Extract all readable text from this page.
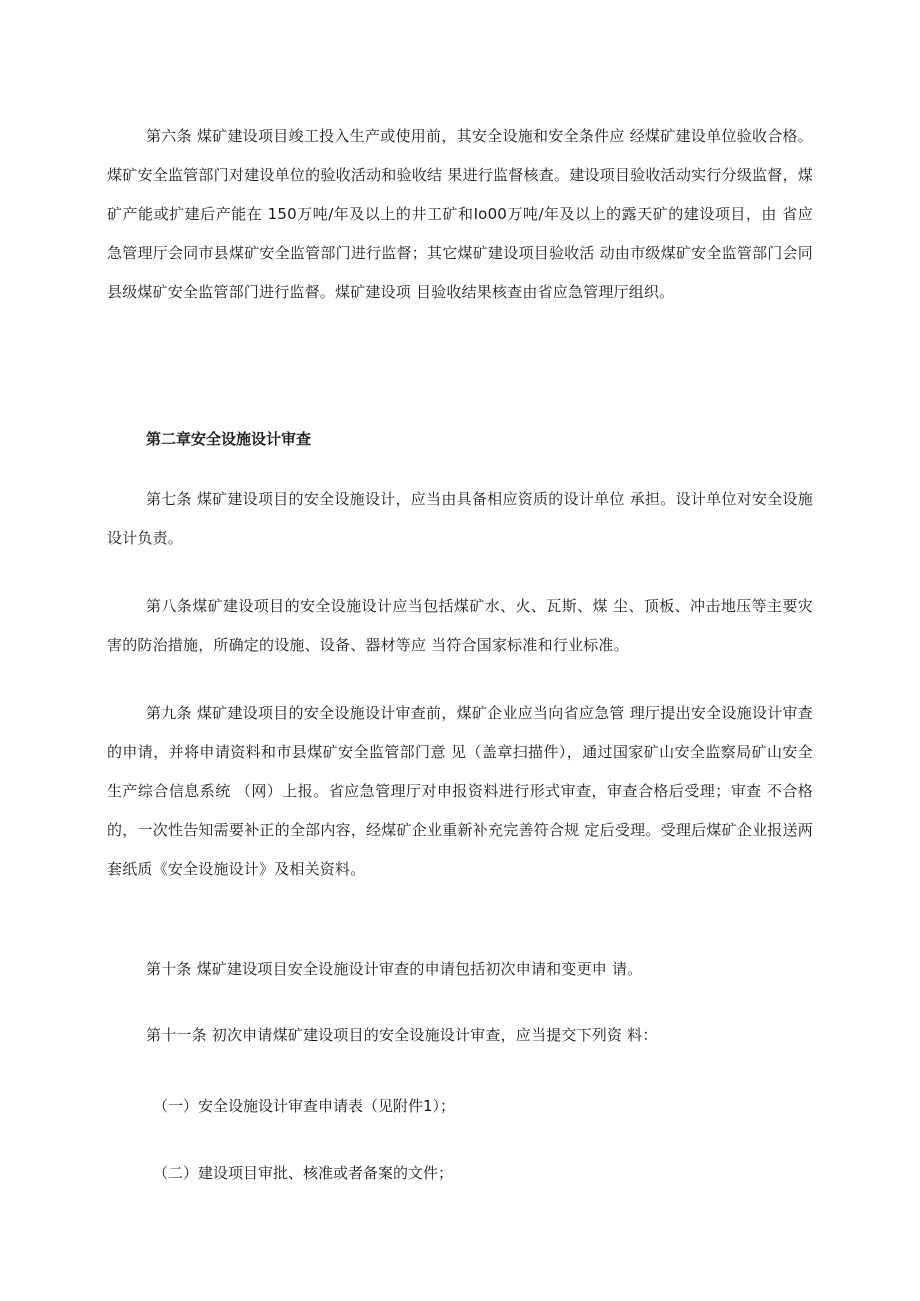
第六条 煤矿建设项目竣工投入生产或使用前，其安全设施和安全条件应 经煤矿建设单位验收合格。煤矿安全监管部门对建设单位的验收活动和验收结 果进行监督核查。建设项目验收活动实行分级监督，煤矿产能或扩建后产能在 150万吨/年及以上的井工矿和Io00万吨/年及以上的露天矿的建设项目，由 省应急管理厅会同市县煤矿安全监管部门进行监督；其它煤矿建设项目验收活 动由市级煤矿安全监管部门会同县级煤矿安全监管部门进行监督。煤矿建设项 目验收结果核查由省应急管理厅组织。

第二章安全设施设计审查

第七条 煤矿建设项目的安全设施设计，应当由具备相应资质的设计单位 承担。设计单位对安全设施设计负责。

第八条煤矿建设项目的安全设施设计应当包括煤矿水、火、瓦斯、煤 尘、顶板、冲击地压等主要灾害的防治措施，所确定的设施、设备、器材等应 当符合国家标准和行业标准。

第九条 煤矿建设项目的安全设施设计审查前，煤矿企业应当向省应急管 理厅提出安全设施设计审查的申请，并将申请资料和市县煤矿安全监管部门意 见（盖章扫描件），通过国家矿山安全监察局矿山安全生产综合信息系统 （网）上报。省应急管理厅对申报资料进行形式审查，审查合格后受理；审查 不合格的，一次性告知需要补正的全部内容，经煤矿企业重新补充完善符合规 定后受理。受理后煤矿企业报送两套纸质《安全设施设计》及相关资料。

第十条 煤矿建设项目安全设施设计审查的申请包括初次申请和变更申 请。

第十一条 初次申请煤矿建设项目的安全设施设计审查，应当提交下列资 料：

（一）安全设施设计审查申请表（见附件1）；

（二）建设项目审批、核准或者备案的文件；
